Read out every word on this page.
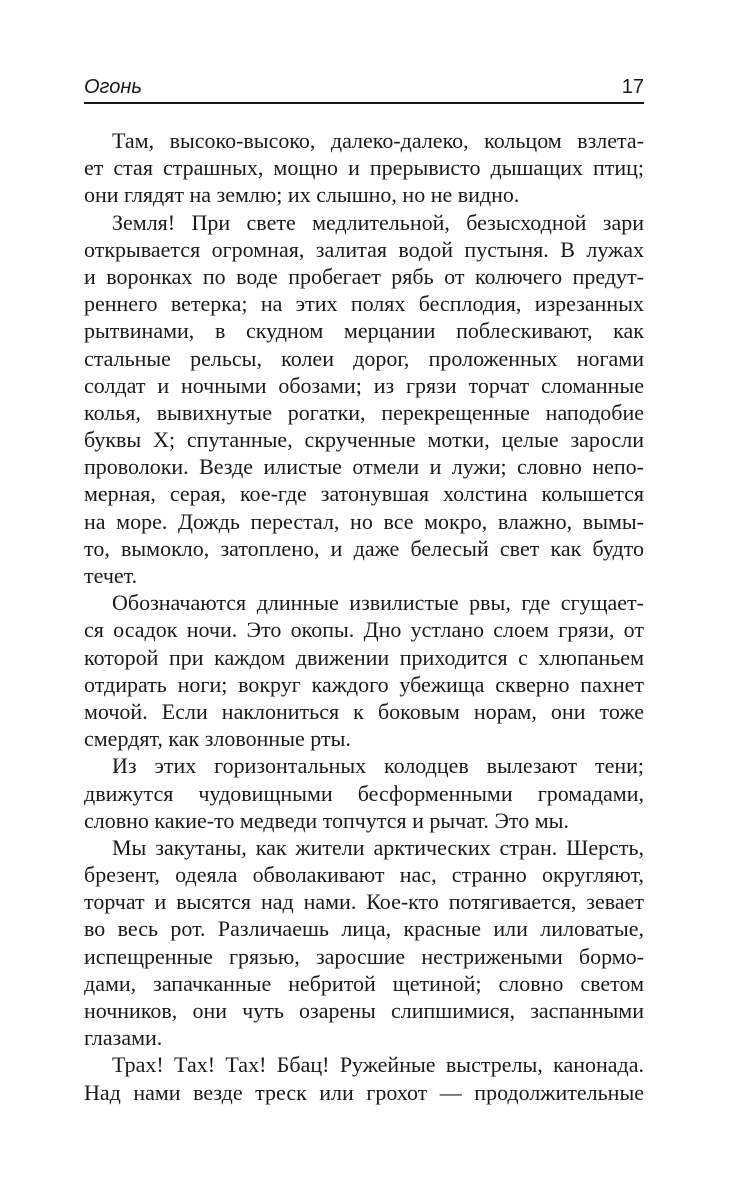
Огонь	17
Там, высоко-высоко, далеко-далеко, кольцом взлета-
ет стая страшных, мощно и прерывисто дышащих птиц;
они глядят на землю; их слышно, но не видно.
Земля! При свете медлительной, безысходной зари
открывается огромная, залитая водой пустыня. В лужах
и воронках по воде пробегает рябь от колючего предут-
реннего ветерка; на этих полях бесплодия, изрезанных
рытвинами, в скудном мерцании поблескивают, как
стальные рельсы, колеи дорог, проложенных ногами
солдат и ночными обозами; из грязи торчат сломанные
колья, вывихнутые рогатки, перекрещенные наподобие
буквы Х; спутанные, скрученные мотки, целые заросли
проволоки. Везде илистые отмели и лужи; словно непо-
мерная, серая, кое-где затонувшая холстина колышется
на море. Дождь перестал, но все мокро, влажно, вымы-
то, вымокло, затоплено, и даже белесый свет как будто
течет.
Обозначаются длинные извилистые рвы, где сгущает-
ся осадок ночи. Это окопы. Дно устлано слоем грязи, от
которой при каждом движении приходится с хлюпаньем
отдирать ноги; вокруг каждого убежища скверно пахнет
мочой. Если наклониться к боковым норам, они тоже
смердят, как зловонные рты.
Из этих горизонтальных колодцев вылезают тени;
движутся чудовищными бесформенными громадами,
словно какие-то медведи топчутся и рычат. Это мы.
Мы закутаны, как жители арктических стран. Шерсть,
брезент, одеяла обволакивают нас, странно округляют,
торчат и высятся над нами. Кое-кто потягивается, зевает
во весь рот. Различаешь лица, красные или лиловатые,
испещренные грязью, заросшие нестрижеными бормо-
дами, запачканные небритой щетиной; словно светом
ночников, они чуть озарены слипшимися, заспанными
глазами.
Трах! Тах! Тах! Ббац! Ружейные выстрелы, канонада.
Над нами везде треск или грохот — продолжительные
